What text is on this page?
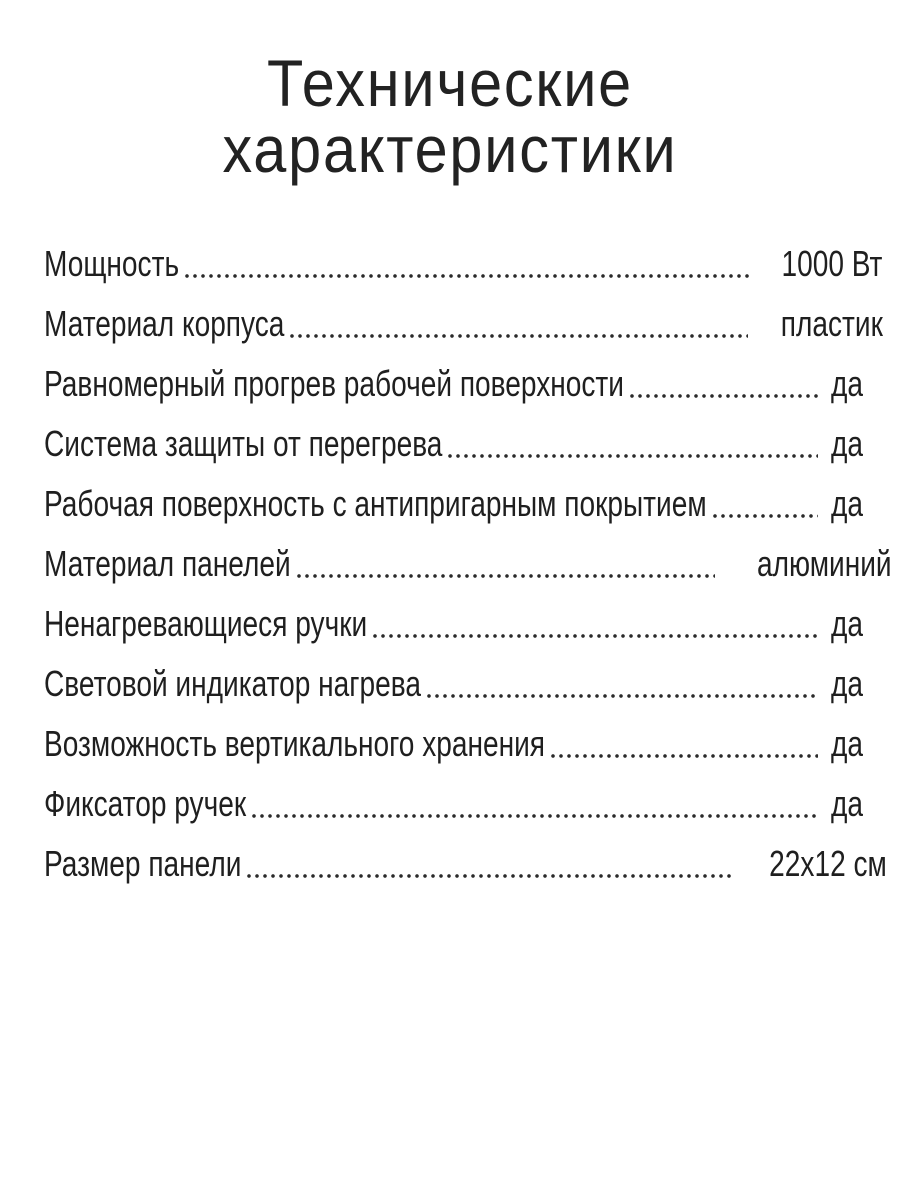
Технические
характеристики
Мощность	1000 Вт
Материал корпуса	пластик
Равномерный прогрев рабочей поверхности	да
Система защиты от перегрева	да
Рабочая поверхность с антипригарным покрытием	да
Материал панелей	алюминий
Ненагревающиеся ручки	да
Световой индикатор нагрева	да
Возможность вертикального хранения	да
Фиксатор ручек	да
Размер панели	22x12 см
